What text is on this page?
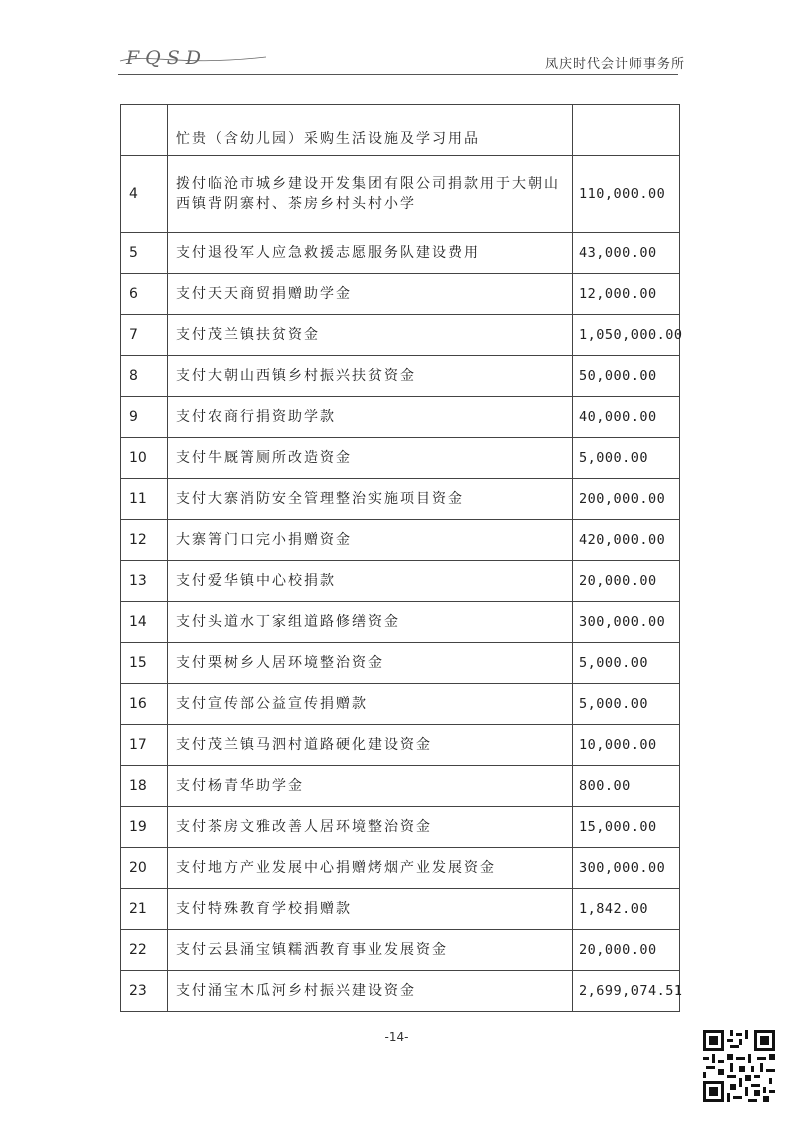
FQSD	凤庆时代会计师事务所
	忙贵（含幼儿园）采购生活设施及学习用品	
4	拨付临沧市城乡建设开发集团有限公司捐款用于大朝山西镇背阴寨村、茶房乡村头村小学	110,000.00
5	支付退役军人应急救援志愿服务队建设费用	43,000.00
6	支付天天商贸捐赠助学金	12,000.00
7	支付茂兰镇扶贫资金	1,050,000.00
8	支付大朝山西镇乡村振兴扶贫资金	50,000.00
9	支付农商行捐资助学款	40,000.00
10	支付牛厩箐厕所改造资金	5,000.00
11	支付大寨消防安全管理整治实施项目资金	200,000.00
12	大寨箐门口完小捐赠资金	420,000.00
13	支付爱华镇中心校捐款	20,000.00
14	支付头道水丁家组道路修缮资金	300,000.00
15	支付栗树乡人居环境整治资金	5,000.00
16	支付宣传部公益宣传捐赠款	5,000.00
17	支付茂兰镇马泗村道路硬化建设资金	10,000.00
18	支付杨青华助学金	800.00
19	支付茶房文雅改善人居环境整治资金	15,000.00
20	支付地方产业发展中心捐赠烤烟产业发展资金	300,000.00
21	支付特殊教育学校捐赠款	1,842.00
22	支付云县涌宝镇糯洒教育事业发展资金	20,000.00
23	支付涌宝木瓜河乡村振兴建设资金	2,699,074.51
-14-
